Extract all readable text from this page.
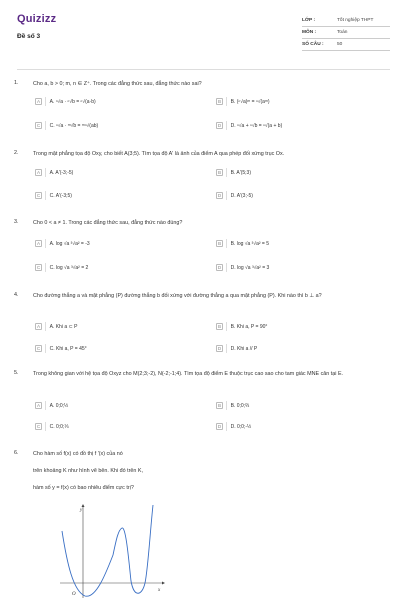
Quizizz
Đề số 3
LỚP :	Tốt nghiệp THPT
MÔN :	Toán
SỐ CÂU :	50
1.	Cho a, b > 0; m, n ∈ Z⁺. Trong các đẳng thức sau, đẳng thức nào sai?
A	A. ⁿ√a · ⁿ√b = ⁿ√(a·b)	B	B. (ⁿ√a)ᵐ = ⁿ√(aᵐ)
C	C. ⁿ√a · ᵐ√b = ᵐⁿ√(ab)	D	D. ⁿ√a + ⁿ√b = ⁿ√(a + b)
2.	Trong mặt phẳng tọa độ Oxy, cho biết A(3;5). Tìm tọa độ A' là ảnh của điểm A qua phép đối xứng trục Ox.
A	A. A'(-3;-5)	B	B. A'(5;3)
C	C. A'(-3;5)	D	D. A'(3;-5)
3.	Cho 0 < a ≠ 1. Trong các đẳng thức sau, đẳng thức nào đúng?
A	A. log √a ³√a² = -3	B	B. log √a ³√a² = 5
C	C. log √a ³√a² = 2	D	D. log √a ³√a² = 3
4.	Cho đường thẳng a và mặt phẳng (P) đường thẳng b đối xứng với đường thẳng a qua mặt phẳng (P). Khi nào thì b ⊥ a?
A	A. Khi a ⊂ P	B	B. Khi a, P = 90°
C	C. Khi a, P = 45°	D	D. Khi a // P
5.	Trong không gian với hệ tọa độ Oxyz cho M(2;3;-2), N(-2;-1;4). Tìm tọa độ điểm E thuộc trục cao sao cho tam giác MNE cân tại E.
A	A. 0;0;½	B	B. 0;0;⅔
C	C. 0;0;⅓	D	D. 0;0;-½
6.	Cho hàm số f(x) có đồ thị f '(x) của nó
trên khoảng K như hình vẽ bên. Khi đó trên K,
hàm số y = f(x) có bao nhiêu điểm cực trị?
y
x
O
